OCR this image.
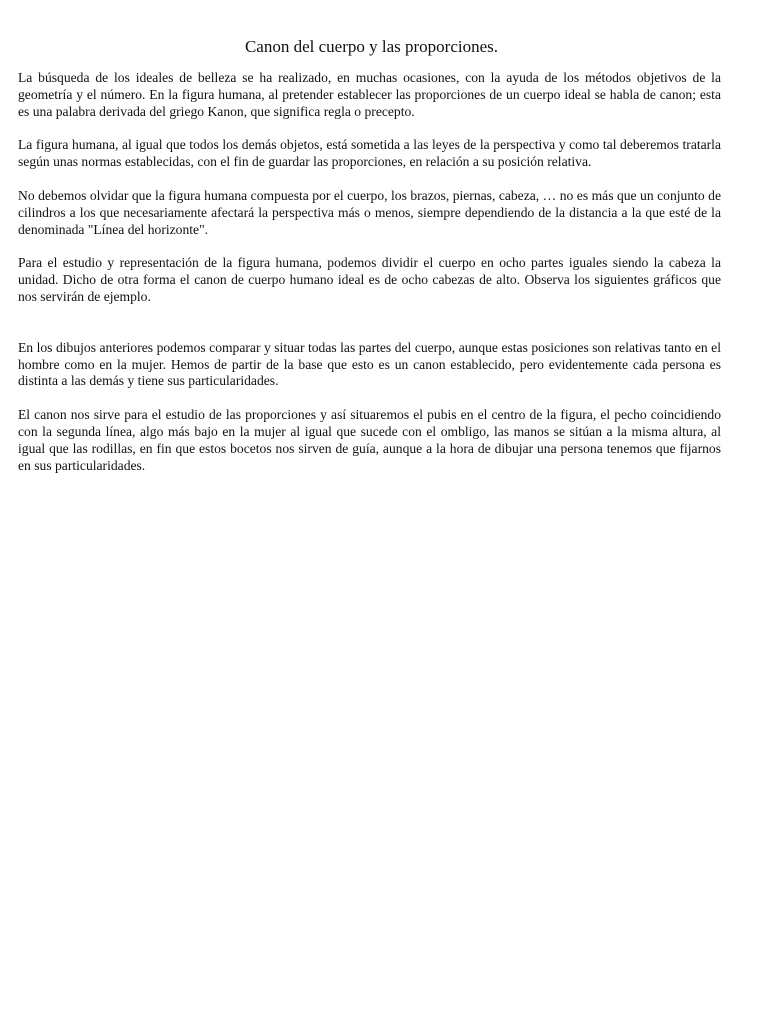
Canon del cuerpo y las proporciones.

La búsqueda de los ideales de belleza se ha realizado, en muchas ocasiones, con la ayuda de los métodos objetivos de la geometría y el número. En la figura humana, al pretender establecer las proporciones de un cuerpo ideal se habla de canon; esta es una palabra derivada del griego Kanon, que significa regla o precepto.

La figura humana, al igual que todos los demás objetos, está sometida a las leyes de la perspectiva y como tal deberemos tratarla según unas normas establecidas, con el fin de guardar las proporciones, en relación a su posición relativa.

No debemos olvidar que la figura humana compuesta por el cuerpo, los brazos, piernas, cabeza, … no es más que un conjunto de cilindros a los que necesariamente afectará la perspectiva más o menos, siempre dependiendo de la distancia a la que esté de la denominada "Línea del horizonte".

Para el estudio y representación de la figura humana, podemos dividir el cuerpo en ocho partes iguales siendo la cabeza la unidad. Dicho de otra forma el canon de cuerpo humano ideal es de ocho cabezas de alto. Observa los siguientes gráficos que nos servirán de ejemplo.

En los dibujos anteriores podemos comparar y situar todas las partes del cuerpo, aunque estas posiciones son relativas tanto en el hombre como en la mujer. Hemos de partir de la base que esto es un canon establecido, pero evidentemente cada persona es distinta a las demás y tiene sus particularidades.

El canon nos sirve para el estudio de las proporciones y así situaremos el pubis en el centro de la figura, el pecho coincidiendo con la segunda línea, algo más bajo en la mujer al igual que sucede con el ombligo, las manos se sitúan a la misma altura, al igual que las rodillas, en fin que estos bocetos nos sirven de guía, aunque a la hora de dibujar una persona tenemos que fijarnos en sus particularidades.
